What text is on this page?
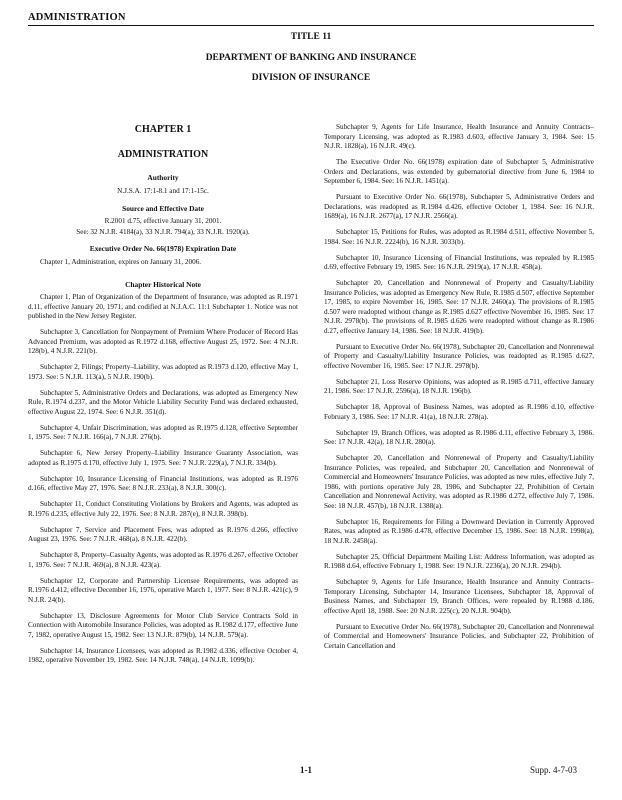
ADMINISTRATION
TITLE 11
DEPARTMENT OF BANKING AND INSURANCE
DIVISION OF INSURANCE
CHAPTER 1
ADMINISTRATION
Authority

N.J.S.A. 17:1-8.1 and 17:1-15c.

Source and Effective Date

R.2001 d.75, effective January 31, 2001.

See: 32 N.J.R. 4184(a), 33 N.J.R. 794(a), 33 N.J.R. 1920(a).

Executive Order No. 66(1978) Expiration Date

Chapter 1, Administration, expires on January 31, 2006.

Chapter Historical Note

Chapter 1, Plan of Organization of the Department of Insurance, was adopted as R.1971 d.11, effective January 20, 1971, and codified at N.J.A.C. 11:1 Subchapter 1. Notice was not published in the New Jersey Register.

Subchapter 3, Cancellation for Nonpayment of Premium Where Producer of Record Has Advanced Premium, was adopted as R.1972 d.168, effective August 25, 1972. See: 4 N.J.R. 128(b), 4 N.J.R. 221(b).

Subchapter 2, Filings; Property–Liability, was adopted as R.1973 d.120, effective May 1, 1973. See: 5 N.J.R. 113(a), 5 N.J.R. 190(b).

Subchapter 5, Administrative Orders and Declarations, was adopted as Emergency New Rule, R.1974 d.237, and the Motor Vehicle Liability Security Fund was declared exhausted, effective August 22, 1974. See: 6 N.J.R. 351(d).

Subchapter 4, Unfair Discrimination, was adopted as R.1975 d.128, effective September 1, 1975. See: 7 N.J.R. 166(a), 7 N.J.R. 276(b).

Subchapter 6, New Jersey Property–Liability Insurance Guaranty Association, was adopted as R.1975 d.170, effective July 1, 1975. See: 7 N.J.R. 229(a), 7 N.J.R. 334(b).

Subchapter 10, Insurance Licensing of Financial Institutions, was adopted as R.1976 d.166, effective May 27, 1976. See: 8 N.J.R. 233(a), 8 N.J.R. 300(c).

Subchapter 11, Conduct Constituting Violations by Brokers and Agents, was adopted as R.1976 d.235, effective July 22, 1976. See: 8 N.J.R. 287(e), 8 N.J.R. 398(b).

Subchapter 7, Service and Placement Fees, was adopted as R.1976 d.266, effective August 23, 1976. See: 7 N.J.R. 468(a), 8 N.J.R. 422(b).

Subchapter 8, Property–Casualty Agents, was adopted as R.1976 d.267, effective October 1, 1976. See: 7 N.J.R. 469(a), 8 N.J.R. 423(a).

Subchapter 12, Corporate and Partnership Licensee Requirements, was adopted as R.1976 d.412, effective December 16, 1976, operative March 1, 1977. See: 8 N.J.R. 421(c), 9 N.J.R. 24(b).

Subchapter 13, Disclosure Agreements for Motor Club Service Contracts Sold in Connection with Automobile Insurance Policies, was adopted as R.1982 d.177, effective June 7, 1982, operative August 15, 1982. See: 13 N.J.R. 879(b), 14 N.J.R. 579(a).

Subchapter 14, Insurance Licensees, was adopted as R.1982 d.336, effective October 4, 1982, operative November 19, 1982. See: 14 N.J.R. 748(a), 14 N.J.R. 1099(b).

Subchapter 9, Agents for Life Insurance, Health Insurance and Annuity Contracts–Temporary Licensing, was adopted as R.1983 d.603, effective January 3, 1984. See: 15 N.J.R. 1828(a), 16 N.J.R. 49(c).

The Executive Order No. 66(1978) expiration date of Subchapter 5, Administrative Orders and Declarations, was extended by gubernatorial directive from June 6, 1984 to September 6, 1984. See: 16 N.J.R. 1451(a).

Pursuant to Executive Order No. 66(1978), Subchapter 5, Administrative Orders and Declarations, was readopted as R.1984 d.426, effective October 1, 1984. See: 16 N.J.R. 1689(a), 16 N.J.R. 2677(a), 17 N.J.R. 2566(a).

Subchapter 15, Petitions for Rules, was adopted as R.1984 d.511, effective November 5, 1984. See: 16 N.J.R. 2224(b), 16 N.J.R. 3033(b).

Subchapter 10, Insurance Licensing of Financial Institutions, was repealed by R.1985 d.69, effective February 19, 1985. See: 16 N.J.R. 2919(a), 17 N.J.R. 458(a).

Subchapter 20, Cancellation and Nonrenewal of Property and Casualty/Liability Insurance Policies, was adopted as Emergency New Rule, R.1985 d.507, effective September 17, 1985, to expire November 16, 1985. See: 17 N.J.R. 2460(a). The provisions of R.1985 d.507 were readopted without change as R.1985 d.627 effective November 16, 1985. See: 17 N.J.R. 2978(b). The provisions of R.1985 d.626 were readopted without change as R.1986 d.27, effective January 14, 1986. See: 18 N.J.R. 419(b).

Pursuant to Executive Order No. 66(1978), Subchapter 20, Cancellation and Nonrenewal of Property and Casualty/Liability Insurance Policies, was readopted as R.1985 d.627, effective November 16, 1985. See: 17 N.J.R. 2978(b).

Subchapter 21, Loss Reserve Opinions, was adopted as R.1985 d.711, effective January 21, 1986. See: 17 N.J.R. 2596(a), 18 N.J.R. 196(b).

Subchapter 18, Approval of Business Names, was adopted as R.1986 d.10, effective February 3, 1986. See: 17 N.J.R. 41(a), 18 N.J.R. 278(a).

Subchapter 19, Branch Offices, was adopted as R.1986 d.11, effective February 3, 1986. See: 17 N.J.R. 42(a), 18 N.J.R. 280(a).

Subchapter 20, Cancellation and Nonrenewal of Property and Casualty/Liability Insurance Policies, was repealed, and Subchapter 20, Cancellation and Nonrenewal of Commercial and Homeowners' Insurance Policies, was adopted as new rules, effective July 7, 1986, with portions operative July 28, 1986, and Subchapter 22, Prohibition of Certain Cancellation and Nonrenewal Activity, was adopted as R.1986 d.272, effective July 7, 1986. See: 18 N.J.R. 457(b), 18 N.J.R. 1388(a).

Subchapter 16, Requirements for Filing a Downward Deviation in Currently Approved Rates, was adopted as R.1986 d.478, effective December 15, 1986. See: 18 N.J.R. 1998(a), 18 N.J.R. 2458(a).

Subchapter 25, Official Department Mailing List: Address Information, was adopted as R.1988 d.64, effective February 1, 1988. See: 19 N.J.R. 2236(a), 20 N.J.R. 294(b).

Subchapter 9, Agents for Life Insurance, Health Insurance and Annuity Contracts–Temporary Licensing, Subchapter 14, Insurance Licensees, Subchapter 18, Approval of Business Names, and Subchapter 19, Branch Offices, were repealed by R.1988 d.186, effective April 18, 1988. See: 20 N.J.R. 225(c), 20 N.J.R. 904(b).

Pursuant to Executive Order No. 66(1978), Subchapter 20, Cancellation and Nonrenewal of Commercial and Homeowners' Insurance Policies, and Subchapter 22, Prohibition of Certain Cancellation and

1-1	Supp. 4-7-03
